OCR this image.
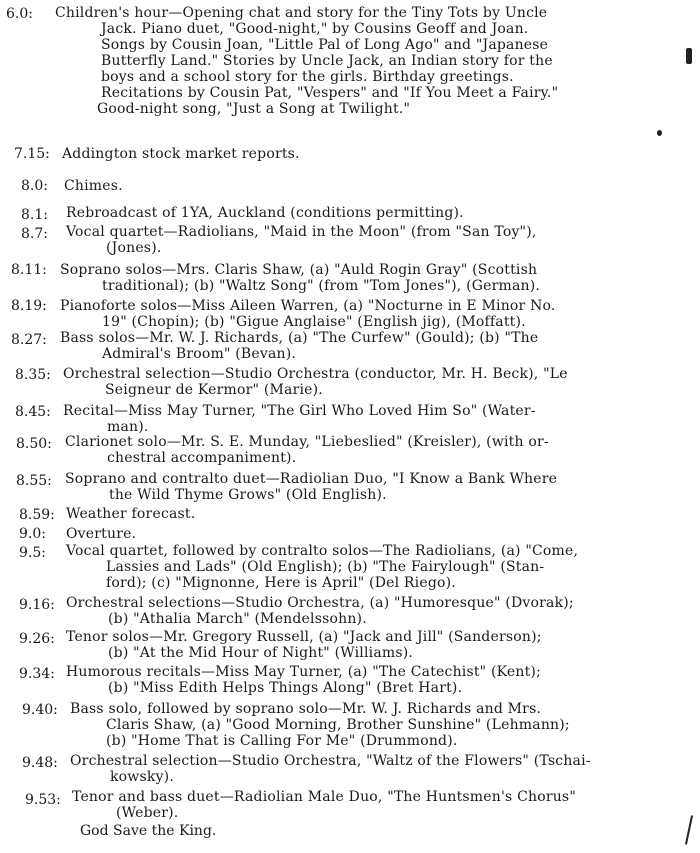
6.0: Children's hour—Opening chat and story for the Tiny Tots by Uncle
Jack. Piano duet, "Good-night," by Cousins Geoff and Joan.
Songs by Cousin Joan, "Little Pal of Long Ago" and "Japanese
Butterfly Land." Stories by Uncle Jack, an Indian story for the
boys and a school story for the girls. Birthday greetings.
Recitations by Cousin Pat, "Vespers" and "If You Meet a Fairy."
Good-night song, "Just a Song at Twilight."
7.15: Addington stock market reports.
8.0: Chimes.
8.1: Rebroadcast of 1YA, Auckland (conditions permitting).
8.7: Vocal quartet—Radiolians, "Maid in the Moon" (from "San Toy"),
(Jones).
8.11: Soprano solos—Mrs. Claris Shaw, (a) "Auld Rogin Gray" (Scottish
traditional); (b) "Waltz Song" (from "Tom Jones"), (German).
8.19: Pianoforte solos—Miss Aileen Warren, (a) "Nocturne in E Minor No.
19" (Chopin); (b) "Gigue Anglaise" (English jig), (Moffatt).
8.27: Bass solos—Mr. W. J. Richards, (a) "The Curfew" (Gould); (b) "The
Admiral's Broom" (Bevan).
8.35: Orchestral selection—Studio Orchestra (conductor, Mr. H. Beck), "Le
Seigneur de Kermor" (Marie).
8.45: Recital—Miss May Turner, "The Girl Who Loved Him So" (Water-
man).
8.50: Clarionet solo—Mr. S. E. Munday, "Liebeslied" (Kreisler), (with or-
chestral accompaniment).
8.55: Soprano and contralto duet—Radiolian Duo, "I Know a Bank Where
the Wild Thyme Grows" (Old English).
8.59: Weather forecast.
9.0: Overture.
9.5: Vocal quartet, followed by contralto solos—The Radiolians, (a) "Come,
Lassies and Lads" (Old English); (b) "The Fairylough" (Stan-
ford); (c) "Mignonne, Here is April" (Del Riego).
9.16: Orchestral selections—Studio Orchestra, (a) "Humoresque" (Dvorak);
(b) "Athalia March" (Mendelssohn).
9.26: Tenor solos—Mr. Gregory Russell, (a) "Jack and Jill" (Sanderson);
(b) "At the Mid Hour of Night" (Williams).
9.34: Humorous recitals—Miss May Turner, (a) "The Catechist" (Kent);
(b) "Miss Edith Helps Things Along" (Bret Hart).
9.40: Bass solo, followed by soprano solo—Mr. W. J. Richards and Mrs.
Claris Shaw, (a) "Good Morning, Brother Sunshine" (Lehmann);
(b) "Home That is Calling For Me" (Drummond).
9.48: Orchestral selection—Studio Orchestra, "Waltz of the Flowers" (Tschai-
kowsky).
9.53: Tenor and bass duet—Radiolian Male Duo, "The Huntsmen's Chorus"
(Weber).
God Save the King.
